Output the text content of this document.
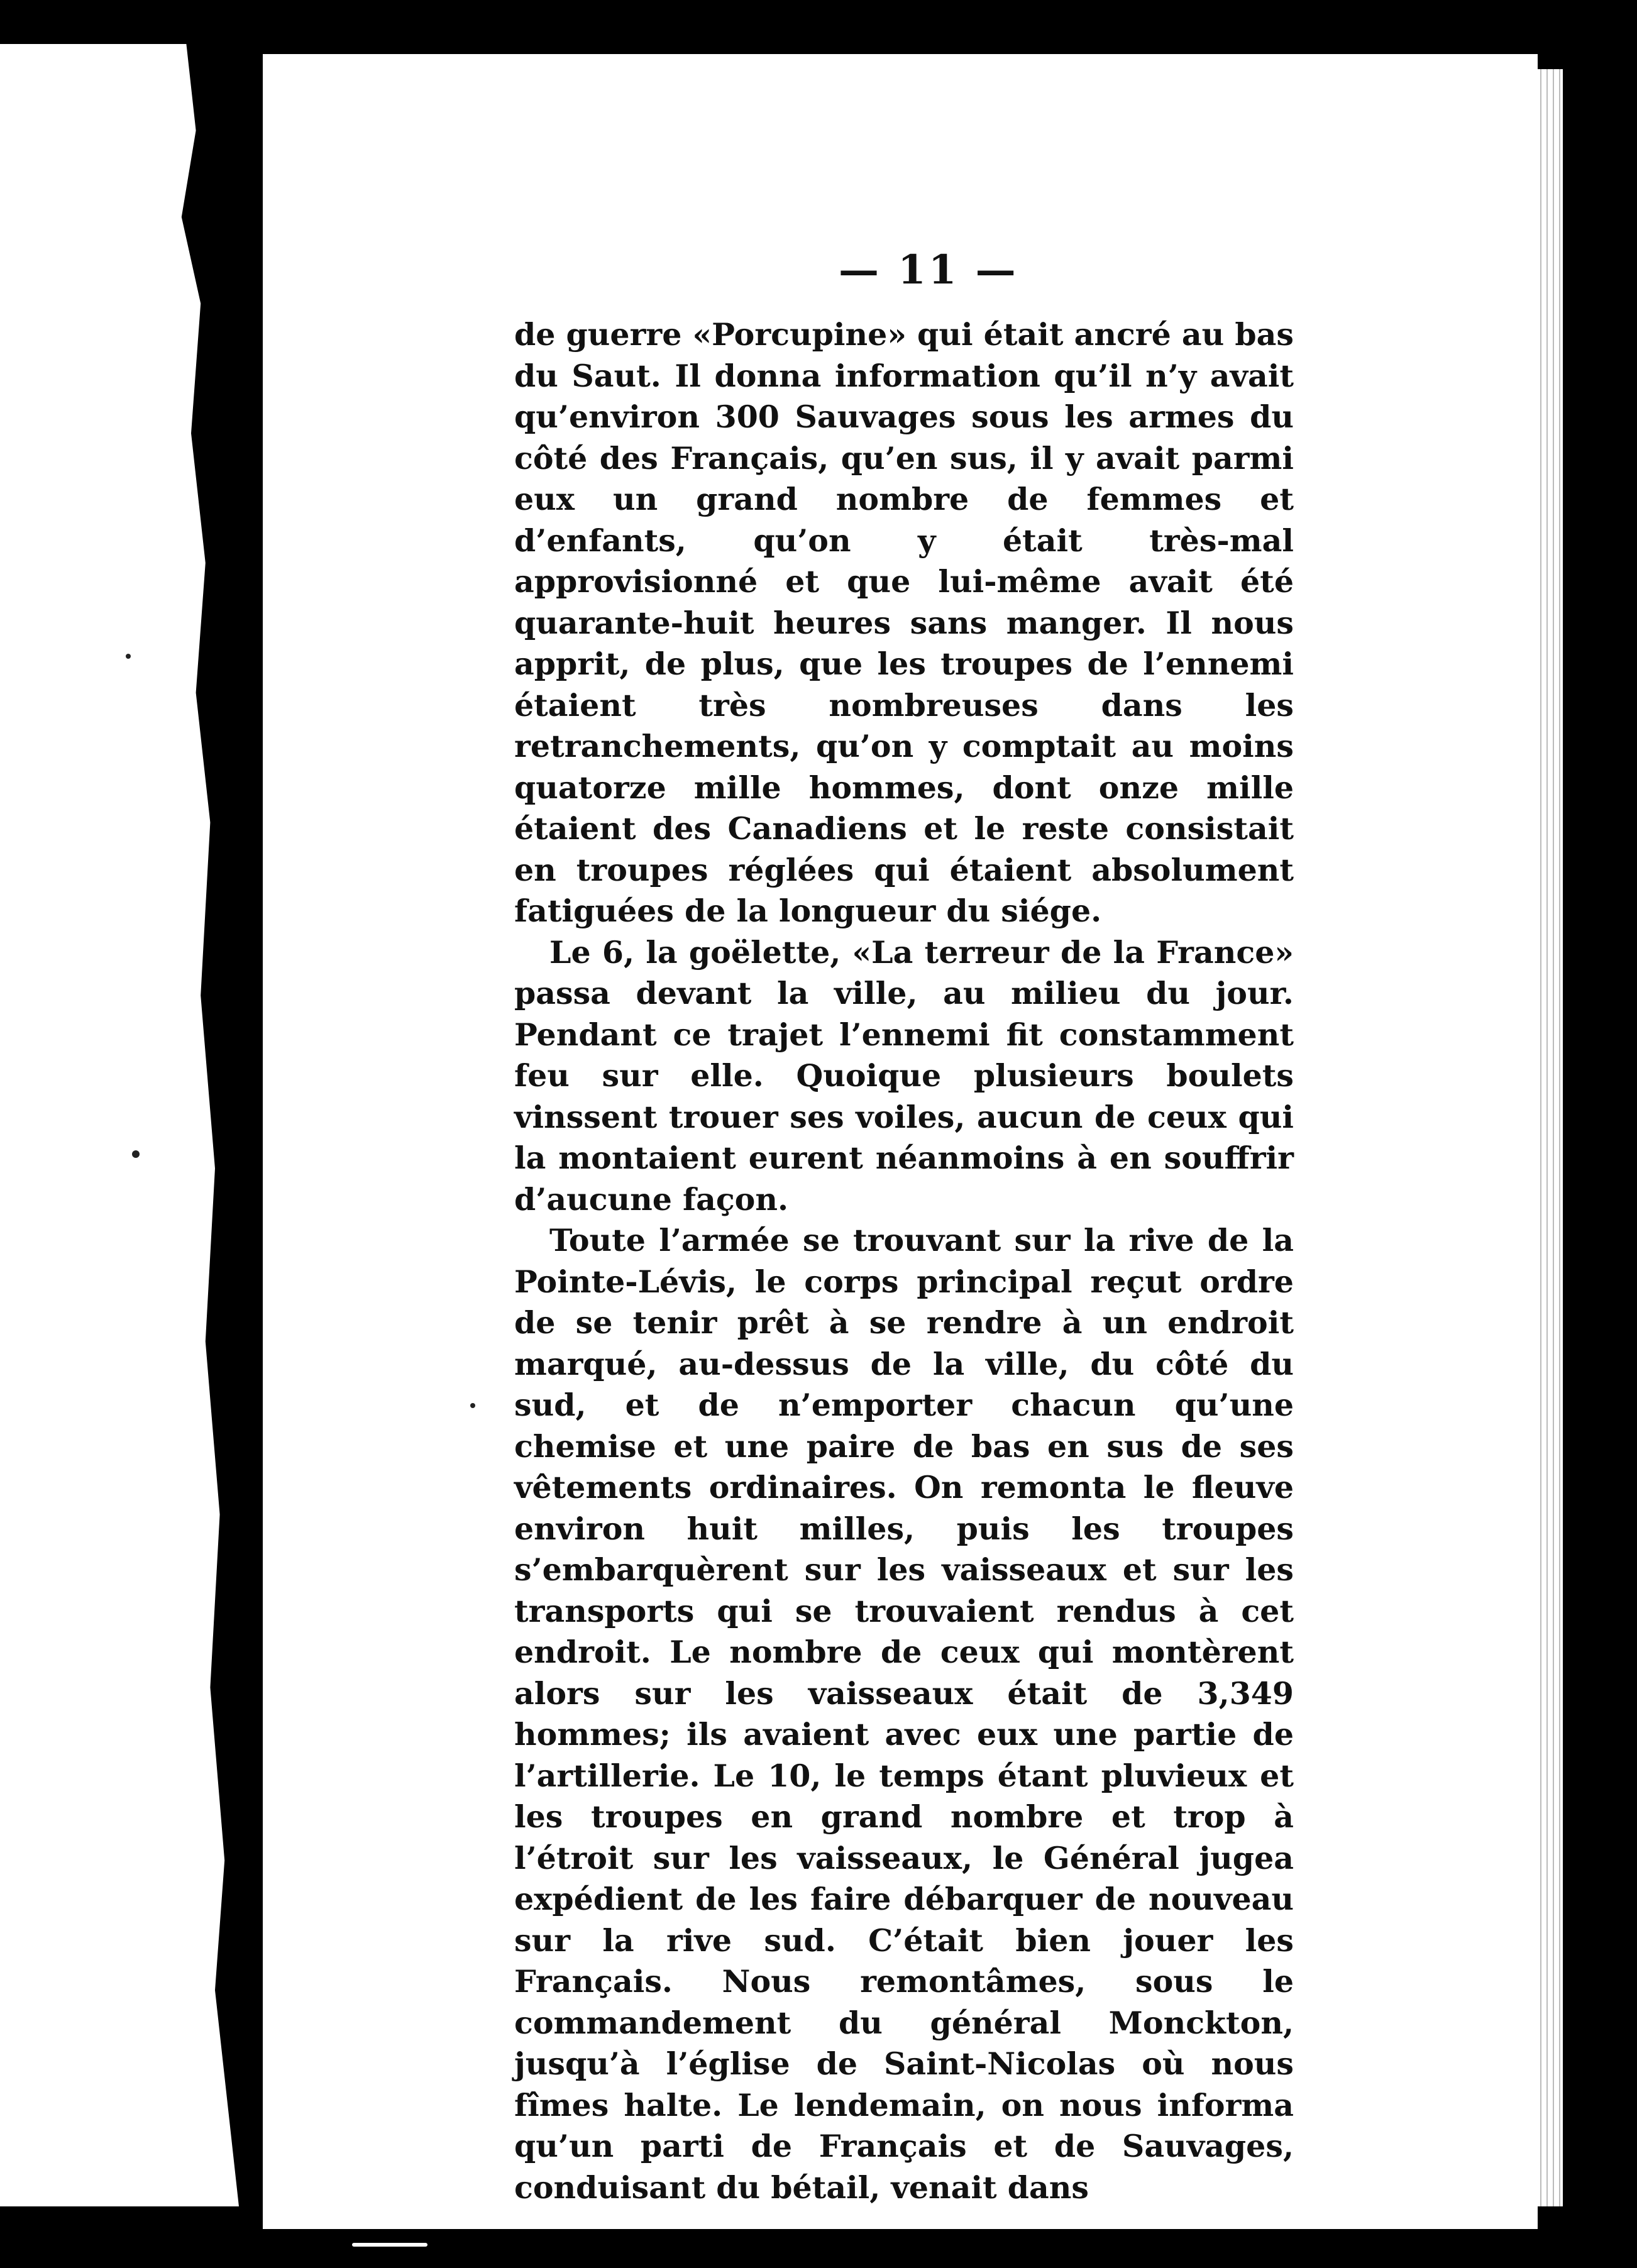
— 11 —

de guerre «Porcupine» qui était ancré au bas du Saut. Il donna information qu’il n’y avait qu’environ 300 Sauvages sous les armes du côté des Français, qu’en sus, il y avait parmi eux un grand nombre de femmes et d’enfants, qu’on y était très-mal approvisionné et que lui-même avait été quarante-huit heures sans manger. Il nous apprit, de plus, que les troupes de l’ennemi étaient très nombreuses dans les retranchements, qu’on y comptait au moins quatorze mille hommes, dont onze mille étaient des Canadiens et le reste consistait en troupes réglées qui étaient absolument fatiguées de la longueur du siége.

Le 6, la goëlette, «La terreur de la France» passa devant la ville, au milieu du jour. Pendant ce trajet l’ennemi fit constamment feu sur elle. Quoique plusieurs boulets vinssent trouer ses voiles, aucun de ceux qui la montaient eurent néanmoins à en souffrir d’aucune façon.

Toute l’armée se trouvant sur la rive de la Pointe-Lévis, le corps principal reçut ordre de se tenir prêt à se rendre à un endroit marqué, au-dessus de la ville, du côté du sud, et de n’emporter chacun qu’une chemise et une paire de bas en sus de ses vêtements ordinaires. On remonta le fleuve environ huit milles, puis les troupes s’embarquèrent sur les vaisseaux et sur les transports qui se trouvaient rendus à cet endroit. Le nombre de ceux qui montèrent alors sur les vaisseaux était de 3,349 hommes; ils avaient avec eux une partie de l’artillerie. Le 10, le temps étant pluvieux et les troupes en grand nombre et trop à l’étroit sur les vaisseaux, le Général jugea expédient de les faire débarquer de nouveau sur la rive sud. C’était bien jouer les Français. Nous remontâmes, sous le commandement du général Monckton, jusqu’à l’église de Saint-Nicolas où nous fîmes halte. Le lendemain, on nous informa qu’un parti de Français et de Sauvages, conduisant du bétail, venait dans
